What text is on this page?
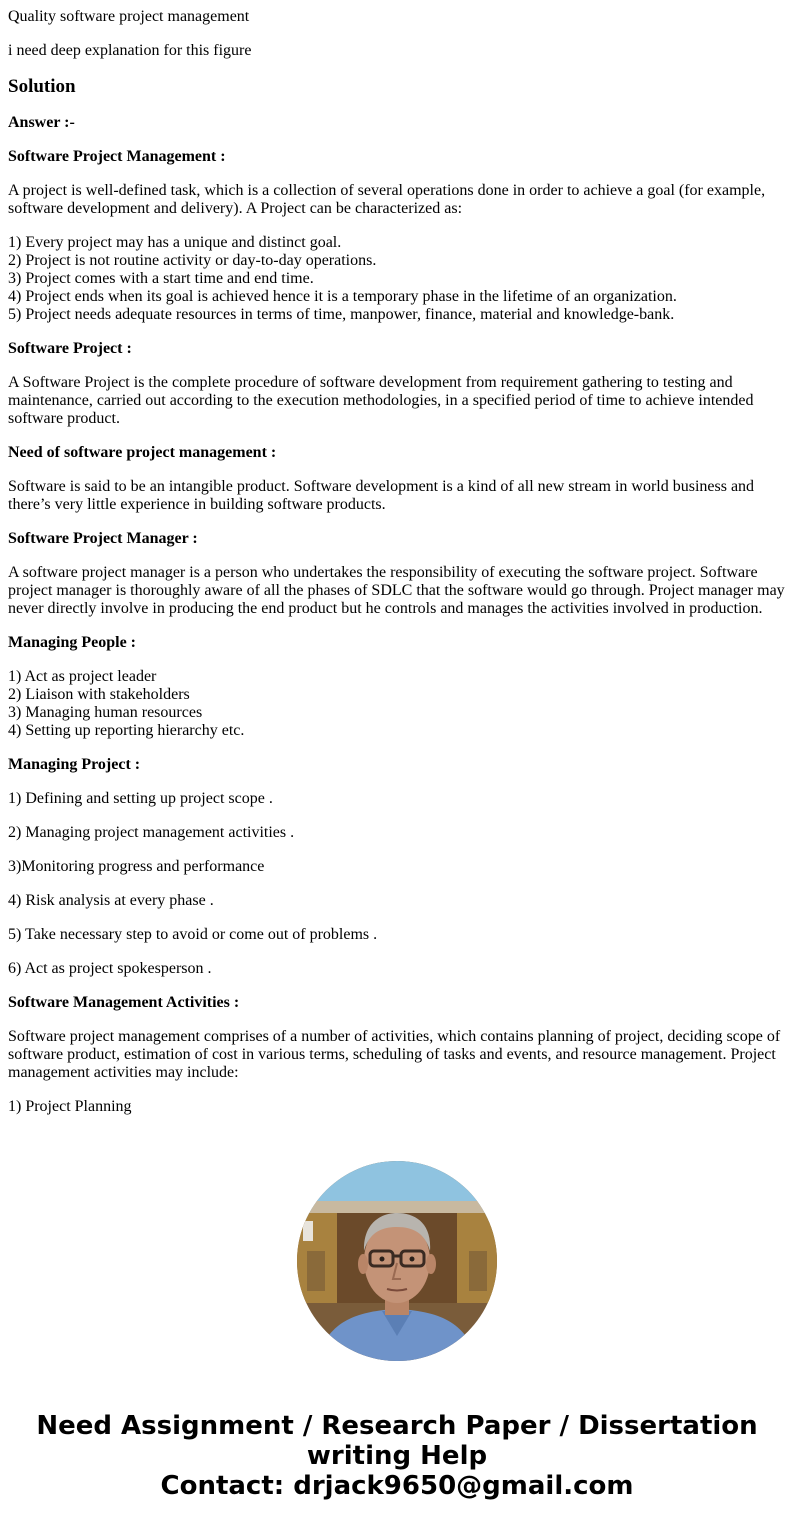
Quality software project management

i need deep explanation for this figure

Solution

Answer :-

Software Project Management :

A project is well-defined task, which is a collection of several operations done in order to achieve a goal (for example, software development and delivery). A Project can be characterized as:

1) Every project may has a unique and distinct goal.
2) Project is not routine activity or day-to-day operations.
3) Project comes with a start time and end time.
4) Project ends when its goal is achieved hence it is a temporary phase in the lifetime of an organization.
5) Project needs adequate resources in terms of time, manpower, finance, material and knowledge-bank.

Software Project :

A Software Project is the complete procedure of software development from requirement gathering to testing and maintenance, carried out according to the execution methodologies, in a specified period of time to achieve intended software product.

Need of software project management :

Software is said to be an intangible product. Software development is a kind of all new stream in world business and there’s very little experience in building software products.

Software Project Manager :

A software project manager is a person who undertakes the responsibility of executing the software project. Software project manager is thoroughly aware of all the phases of SDLC that the software would go through. Project manager may never directly involve in producing the end product but he controls and manages the activities involved in production.

Managing People :

1) Act as project leader
2) Liaison with stakeholders
3) Managing human resources
4) Setting up reporting hierarchy etc.

Managing Project :

1) Defining and setting up project scope .

2) Managing project management activities .

3)Monitoring progress and performance

4) Risk analysis at every phase .

5) Take necessary step to avoid or come out of problems .

6) Act as project spokesperson .

Software Management Activities :

Software project management comprises of a number of activities, which contains planning of project, deciding scope of software product, estimation of cost in various terms, scheduling of tasks and events, and resource management. Project management activities may include:

1) Project Planning

Need Assignment / Research Paper / Dissertation
writing Help
Contact: drjack9650@gmail.com
